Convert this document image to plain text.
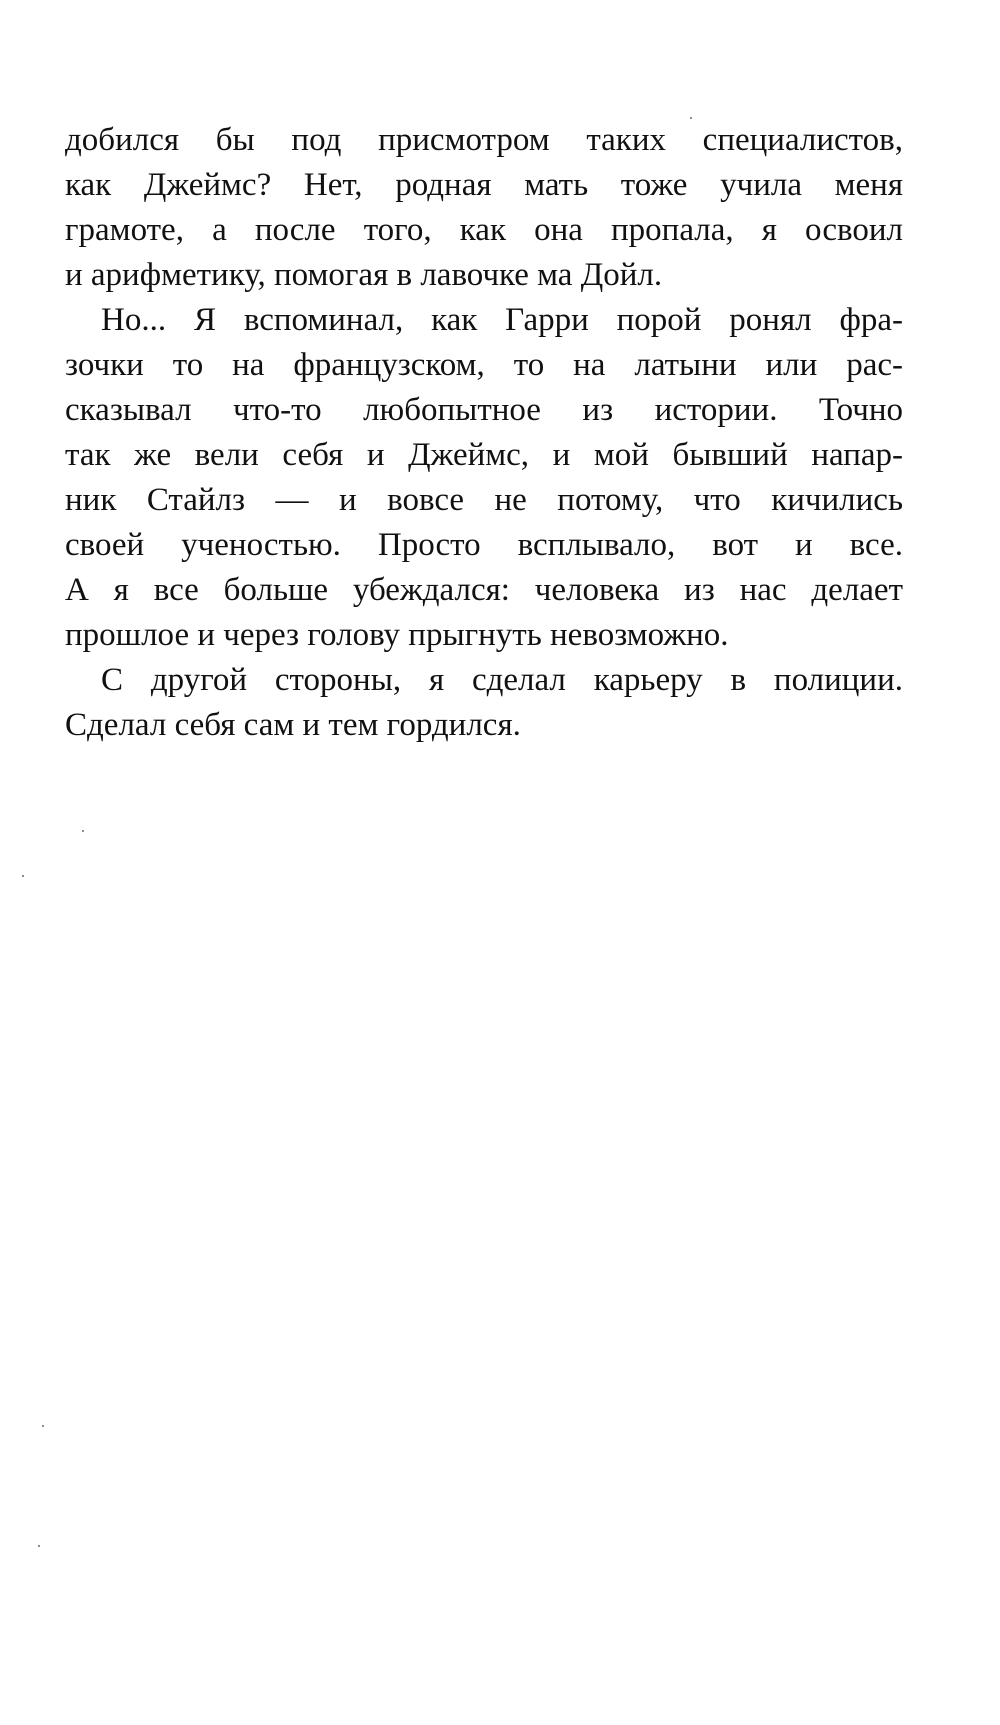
добился бы под присмотром таких специалистов,
как Джеймс? Нет, родная мать тоже учила меня
грамоте, а после того, как она пропала, я освоил
и арифметику, помогая в лавочке ма Дойл.

Но... Я вспоминал, как Гарри порой ронял фра-
зочки то на французском, то на латыни или рас-
сказывал что-то любопытное из истории. Точно
так же вели себя и Джеймс, и мой бывший напар-
ник Стайлз — и вовсе не потому, что кичились
своей ученостью. Просто всплывало, вот и все.
А я все больше убеждался: человека из нас делает
прошлое и через голову прыгнуть невозможно.

С другой стороны, я сделал карьеру в полиции.
Сделал себя сам и тем гордился.
